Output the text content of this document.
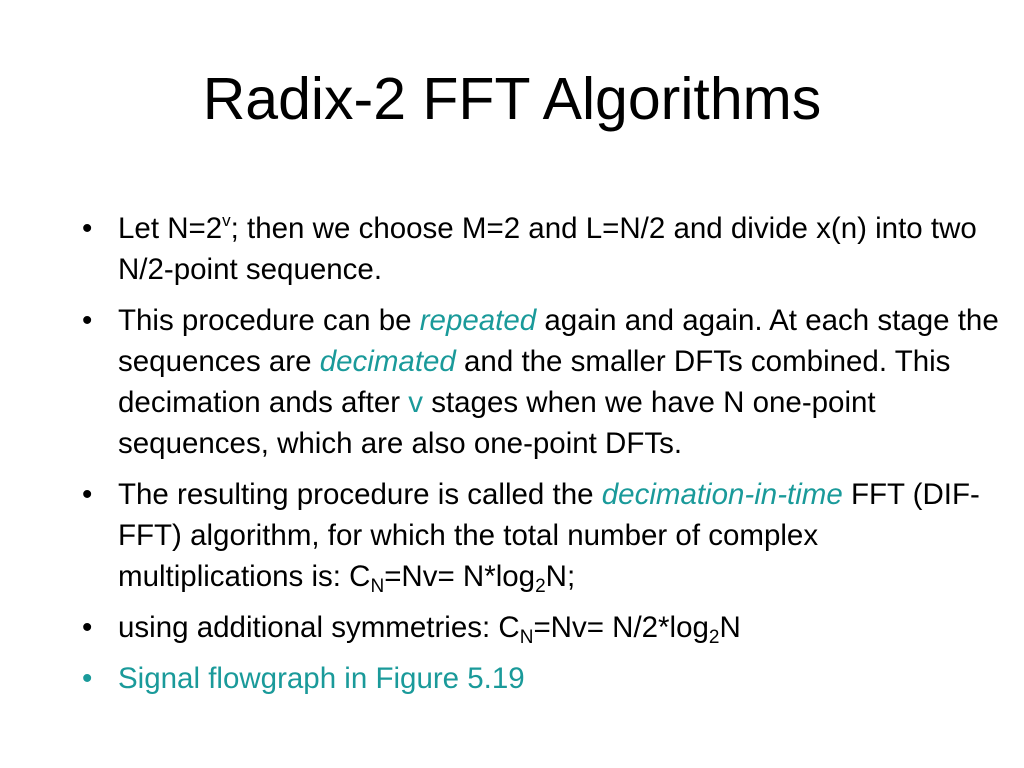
Radix-2 FFT Algorithms
• Let $N=2^v$; then we choose M=2 and L=N/2 and divide x(n) into two N/2-point sequence.
• This procedure can be repeated again and again. At each stage the sequences are decimated and the smaller DFTs combined. This decimation ands after v stages when we have N one-point sequences, which are also one-point DFTs.
• The resulting procedure is called the decimation-in-time FFT (DIF-FFT) algorithm, for which the total number of complex multiplications is: $C_N=Nv= N*\log_2N$;
• using additional symmetries: $C_N=Nv= N/2*\log_2N$
• Signal flowgraph in Figure 5.19
